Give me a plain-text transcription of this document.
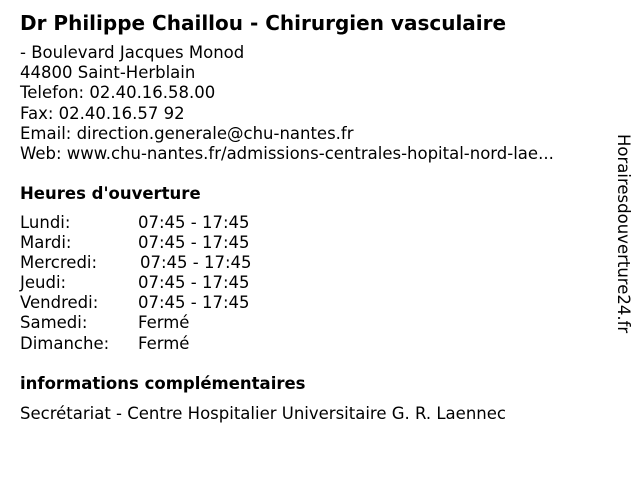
Dr Philippe Chaillou - Chirurgien vasculaire
- Boulevard Jacques Monod
44800 Saint-Herblain
Telefon: 02.40.16.58.00
Fax: 02.40.16.57 92
Email: direction.generale@chu-nantes.fr
Web: www.chu-nantes.fr/admissions-centrales-hopital-nord-lae...
Heures d'ouverture
Lundi:	07:45 - 17:45
Mardi:	07:45 - 17:45
Mercredi:	07:45 - 17:45
Jeudi:	07:45 - 17:45
Vendredi: 07:45 - 17:45
Samedi:	Fermé
Dimanche: Fermé
informations complémentaires
Secrétariat - Centre Hospitalier Universitaire G. R. Laennec
Horairesdouverture24.fr
